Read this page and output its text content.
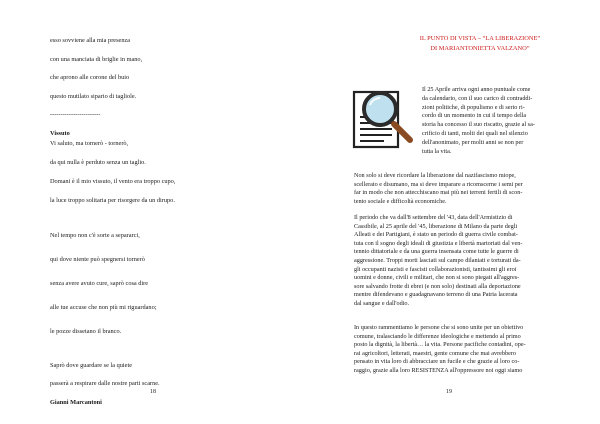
esso sovviene alla mia presenza
con una manciata di briglie in mano,
che aprono alle corone del buio
questo mutilato sipario di tagliole.
------------------------
Vissuto
Vi saluto, ma tornerò - tornerò,
da qui nulla è perduto senza un taglio.
Domani è il mio vissuto, il vento era troppo cupo,
la luce troppo solitaria per risorgere da un dirupo.
Nel tempo non c'è sorte a separarci,
qui dove niente può spegnersi tornerò
senza avere avuto cure, saprò cosa dire
alle tue accuse che non più mi riguardano;
le pozze dissetano il branco.
Saprò dove guardare se la quiete
passerà a respirare dalle nostre parti scarne.
Gianni Marcantoni
18
IL PUNTO DI VISTA – “LA LIBERAZIONE”
DI MARIANTONIETTA VALZANO”
Il 25 Aprile arriva ogni anno puntuale come
da calendario, con il suo carico di contraddi-
zioni politiche, di populismo e di serio ri-
cordo di un momento in cui il tempo della
storia ha concesso il suo riscatto, grazie al sa-
crificio di tanti, molti dei quali nel silenzio
dell'anonimato, per molti anni se non per
tutta la vita.
Non solo si deve ricordare la liberazione dal nazifascismo miope,
scellerato e disumano, ma si deve imparare a ricomscerne i semi per
far in modo che non attecchiscano mai più nei terreni fertili di scon-
tento sociale e difficoltà economiche.
Il periodo che va dall'8 settembre del '43, data dell'Armistizio di
Cassibile, al 25 aprile del '45, liberazione di Milano da parte degli
Alleati e dei Partigiani, è stato un periodo di guerra civile combat-
tuta con il sogno degli ideali di giustizia e libertà martoriati dal ven-
tennio dittatoriale e da una guerra insensata come tutte le guerre di
aggressione. Troppi morti lasciati sul campo dilaniati e torturati da-
gli occupanti nazisti e fascisti collaborazionisti, tantissimi gli eroi
uomini e donne, civili e militari, che non si sono piegati all'aggres-
sore salvando frotte di ebrei (e non solo) destinati alla deportazione
mentre difendevano e guadagnavano terreno di una Patria lacerata
dal sangue e dall'odio.
In questo rammentiamo le persone che si sono unite per un obiettivo
comune, tralasciando le differenze ideologiche e mettendo al primo
posto la dignità, la libertà… la vita. Persone pacifiche contadini, ope-
rai agricoltori, letterati, maestri, gente comune che mai avrebbero
pensato in vita loro di abbracciare un fucile e che grazie al loro co-
raggio, grazie alla loro RESISTENZA all'oppressore noi oggi siamo
19
